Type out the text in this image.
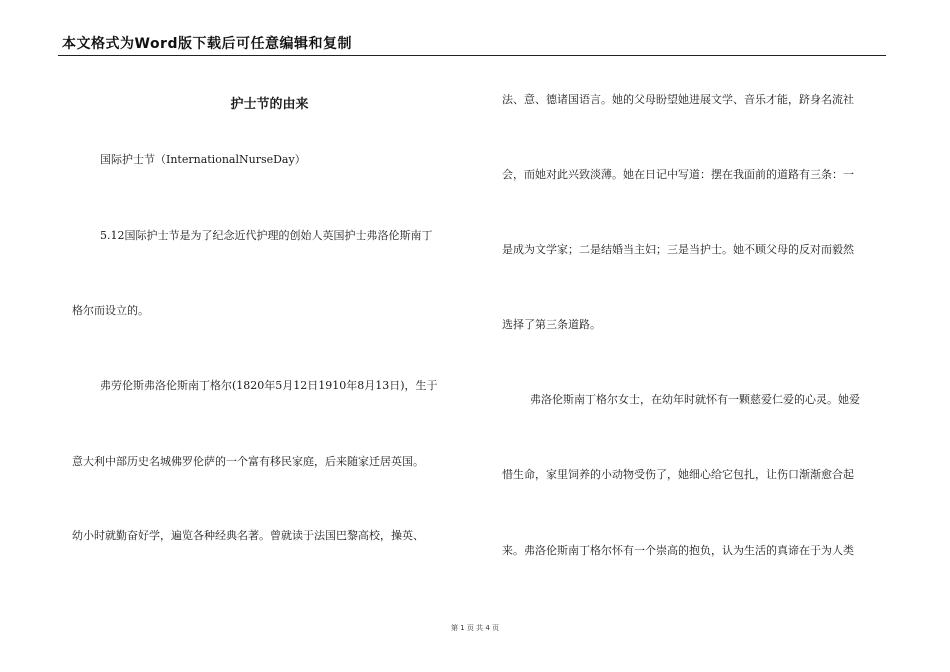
本文格式为Word版下载后可任意编辑和复制
护士节的由来
国际护士节（InternationalNurseDay）
5.12国际护士节是为了纪念近代护理的创始人英国护士弗洛伦斯南丁
格尔而设立的。
弗劳伦斯弗洛伦斯南丁格尔(1820年5月12日1910年8月13日)，生于
意大利中部历史名城佛罗伦萨的一个富有移民家庭，后来随家迁居英国。
幼小时就勤奋好学，遍览各种经典名著。曾就读于法国巴黎高校，操英、
法、意、德诸国语言。她的父母盼望她进展文学、音乐才能，跻身名流社
会，而她对此兴致淡薄。她在日记中写道：摆在我面前的道路有三条：一
是成为文学家；二是结婚当主妇；三是当护士。她不顾父母的反对而毅然
选择了第三条道路。
弗洛伦斯南丁格尔女士，在幼年时就怀有一颗慈爱仁爱的心灵。她爱
惜生命，家里饲养的小动物受伤了，她细心给它包扎，让伤口渐渐愈合起
来。弗洛伦斯南丁格尔怀有一个崇高的抱负，认为生活的真谛在于为人类
第 1 页 共 4 页
